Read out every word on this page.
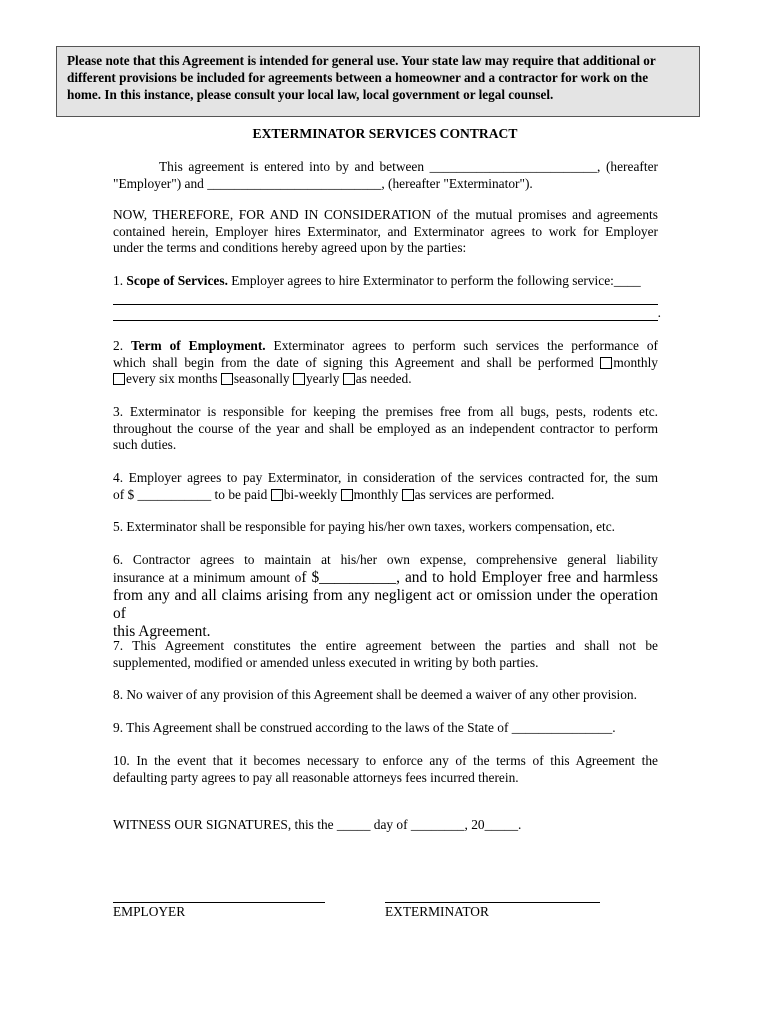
Please note that this Agreement is intended for general use. Your state law may require that additional or
different provisions be included for agreements between a homeowner and a contractor for work on the
home. In this instance, please consult your local law, local government or legal counsel.
EXTERMINATOR SERVICES CONTRACT
This agreement is entered into by and between _________________________, (hereafter
"Employer") and __________________________, (hereafter "Exterminator").
NOW, THEREFORE, FOR AND IN CONSIDERATION of the mutual promises and agreements
contained herein, Employer hires Exterminator, and Exterminator agrees to work for Employer
under the terms and conditions hereby agreed upon by the parties:
1. Scope of Services. Employer agrees to hire Exterminator to perform the following service:____
.
2. Term of Employment. Exterminator agrees to perform such services the performance of
which shall begin from the date of signing this Agreement and shall be performed monthly
every six months seasonally yearly as needed.
3. Exterminator is responsible for keeping the premises free from all bugs, pests, rodents etc.
throughout the course of the year and shall be employed as an independent contractor to perform
such duties.
4. Employer agrees to pay Exterminator, in consideration of the services contracted for, the sum
of $ ___________ to be paid bi-weekly monthly as services are performed.
5. Exterminator shall be responsible for paying his/her own taxes, workers compensation, etc.
6. Contractor agrees to maintain at his/her own expense, comprehensive general liability
insurance at a minimum amount of $__________, and to hold Employer free and harmless
from any and all claims arising from any negligent act or omission under the operation of
this Agreement.
7. This Agreement constitutes the entire agreement between the parties and shall not be
supplemented, modified or amended unless executed in writing by both parties.
8. No waiver of any provision of this Agreement shall be deemed a waiver of any other provision.
9. This Agreement shall be construed according to the laws of the State of _______________.
10. In the event that it becomes necessary to enforce any of the terms of this Agreement the
defaulting party agrees to pay all reasonable attorneys fees incurred therein.
WITNESS OUR SIGNATURES, this the _____ day of ________, 20_____.
EMPLOYER	EXTERMINATOR
